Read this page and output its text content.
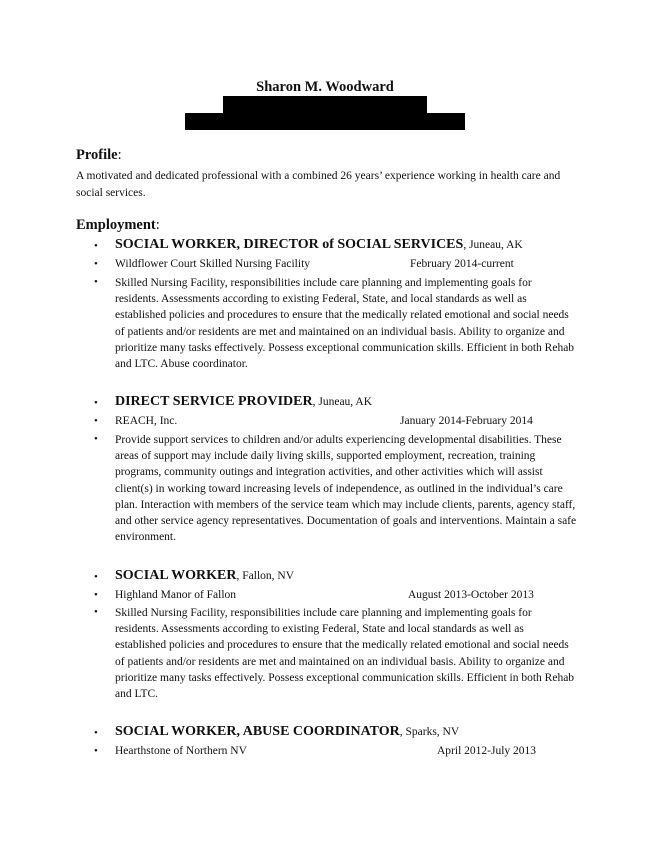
Sharon M. Woodward
Profile:
A motivated and dedicated professional with a combined 26 years’ experience working in health care and social services.
Employment:
• SOCIAL WORKER, DIRECTOR of SOCIAL SERVICES, Juneau, AK
• Wildflower Court Skilled Nursing Facility	February 2014-current
• Skilled Nursing Facility, responsibilities include care planning and implementing goals for residents. Assessments according to existing Federal, State, and local standards as well as established policies and procedures to ensure that the medically related emotional and social needs of patients and/or residents are met and maintained on an individual basis. Ability to organize and prioritize many tasks effectively. Possess exceptional communication skills. Efficient in both Rehab and LTC. Abuse coordinator.
• DIRECT SERVICE PROVIDER, Juneau, AK
• REACH, Inc.	January 2014-February 2014
• Provide support services to children and/or adults experiencing developmental disabilities. These areas of support may include daily living skills, supported employment, recreation, training programs, community outings and integration activities, and other activities which will assist client(s) in working toward increasing levels of independence, as outlined in the individual’s care plan. Interaction with members of the service team which may include clients, parents, agency staff, and other service agency representatives. Documentation of goals and interventions. Maintain a safe environment.
• SOCIAL WORKER, Fallon, NV
• Highland Manor of Fallon	August 2013-October 2013
• Skilled Nursing Facility, responsibilities include care planning and implementing goals for residents. Assessments according to existing Federal, State and local standards as well as established policies and procedures to ensure that the medically related emotional and social needs of patients and/or residents are met and maintained on an individual basis. Ability to organize and prioritize many tasks effectively. Possess exceptional communication skills. Efficient in both Rehab and LTC.
• SOCIAL WORKER, ABUSE COORDINATOR, Sparks, NV
• Hearthstone of Northern NV	April 2012-July 2013
